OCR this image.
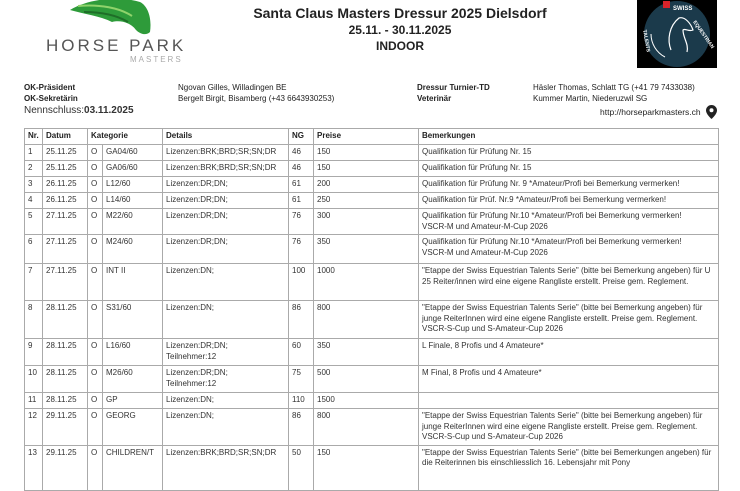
HORSE PARK
MASTERS
Santa Claus Masters Dressur 2025 Dielsdorf
25.11. - 30.11.2025
INDOOR
SWISS
EQUESTRIAN
TALENTS
OK-Präsident
OK-Sekretärin
Ngovan Gilles, Willadingen BE
Bergelt Birgit, Bisamberg (+43 6643930253)
Dressur Turnier-TD
Veterinär
Häsler Thomas, Schlatt TG (+41 79 7433038)
Kummer Martin, Niederuzwil SG
Nennschluss:03.11.2025	http://horseparkmasters.ch
Nr.	Datum	Kategorie		Details	NG	Preise	Bemerkungen
1	25.11.25	O	GA04/60	Lizenzen:BRK;BRD;SR;SN;DR	46	150	Qualifikation für Prüfung Nr. 15
2	25.11.25	O	GA06/60	Lizenzen:BRK;BRD;SR;SN;DR	46	150	Qualifikation für Prüfung Nr. 15
3	26.11.25	O	L12/60	Lizenzen:DR;DN;	61	200	Qualifikation für Prüfung Nr. 9 *Amateur/Profi bei Bemerkung vermerken!
4	26.11.25	O	L14/60	Lizenzen:DR;DN;	61	250	Qualifikation für Prüf. Nr.9 *Amateur/Profi bei Bemerkung vermerken!
5	27.11.25	O	M22/60	Lizenzen:DR;DN;	76	300	Qualifikation für Prüfung Nr.10 *Amateur/Profi bei Bemerkung vermerken!
VSCR-M und Amateur-M-Cup 2026
6	27.11.25	O	M24/60	Lizenzen:DR;DN;	76	350	Qualifikation für Prüfung Nr.10 *Amateur/Profi bei Bemerkung vermerken!
VSCR-M und Amateur-M-Cup 2026
7	27.11.25	O	INT II	Lizenzen:DN;	100	1000	"Etappe der Swiss Equestrian Talents Serie" (bitte bei Bemerkung angeben) für U 25 Reiter/innen wird eine eigene Rangliste erstellt. Preise gem. Reglement.
8	28.11.25	O	S31/60	Lizenzen:DN;	86	800	"Etappe der Swiss Equestrian Talents Serie" (bitte bei Bemerkung angeben) für junge ReiterInnen wird eine eigene Rangliste erstellt. Preise gem. Reglement. VSCR-S-Cup und S-Amateur-Cup 2026
9	28.11.25	O	L16/60	Lizenzen:DR;DN;
Teilnehmer:12	60	350	L Finale, 8 Profis und 4 Amateure*
10	28.11.25	O	M26/60	Lizenzen:DR;DN;
Teilnehmer:12	75	500	M Final, 8 Profis und 4 Amateure*
11	28.11.25	O	GP	Lizenzen:DN;	110	1500	
12	29.11.25	O	GEORG	Lizenzen:DN;	86	800	"Etappe der Swiss Equestrian Talents Serie" (bitte bei Bemerkung angeben) für junge ReiterInnen wird eine eigene Rangliste erstellt. Preise gem. Reglement. VSCR-S-Cup und S-Amateur-Cup 2026
13	29.11.25	O	CHILDREN/T	Lizenzen:BRK;BRD;SR;SN;DR	50	150	"Etappe der Swiss Equestrian Talents Serie" (bitte bei Bemerkungen angeben) für die Reiterinnen bis einschliesslich 16. Lebensjahr mit Pony
